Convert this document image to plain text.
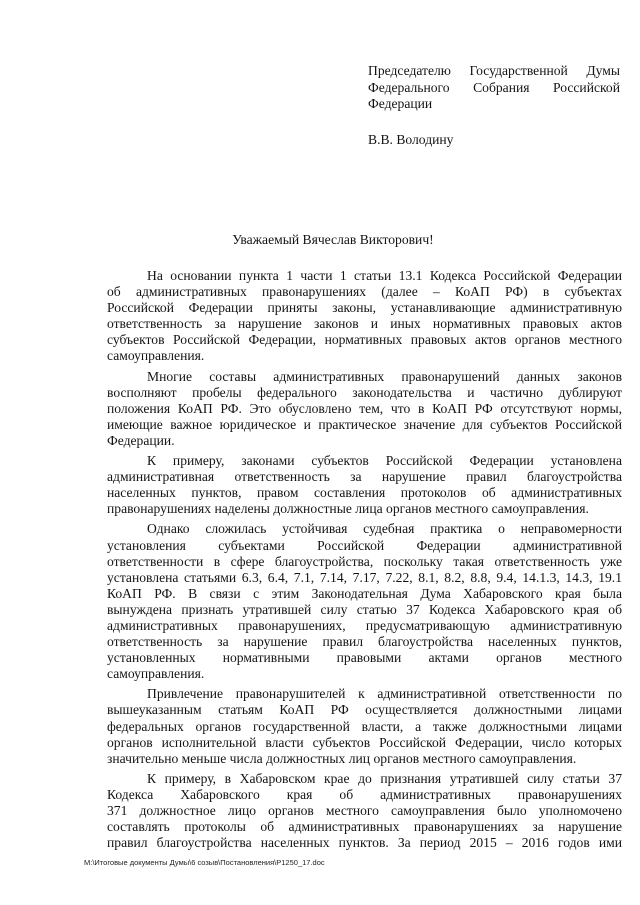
Председателю Государственной Думы
Федерального Собрания Российской
Федерации
В.В. Володину
Уважаемый Вячеслав Викторович!
На основании пункта 1 части 1 статьи 13.1 Кодекса Российской Федерации
об административных правонарушениях (далее – КоАП РФ) в субъектах
Российской Федерации приняты законы, устанавливающие административную
ответственность за нарушение законов и иных нормативных правовых актов
субъектов Российской Федерации, нормативных правовых актов органов местного
самоуправления.
Многие составы административных правонарушений данных законов
восполняют пробелы федерального законодательства и частично дублируют
положения КоАП РФ. Это обусловлено тем, что в КоАП РФ отсутствуют нормы,
имеющие важное юридическое и практическое значение для субъектов Российской
Федерации.
К примеру, законами субъектов Российской Федерации установлена
административная ответственность за нарушение правил благоустройства
населенных пунктов, правом составления протоколов об административных
правонарушениях наделены должностные лица органов местного самоуправления.
Однако сложилась устойчивая судебная практика о неправомерности
установления субъектами Российской Федерации административной
ответственности в сфере благоустройства, поскольку такая ответственность уже
установлена статьями 6.3, 6.4, 7.1, 7.14, 7.17, 7.22, 8.1, 8.2, 8.8, 9.4, 14.1.3, 14.3, 19.1
КоАП РФ. В связи с этим Законодательная Дума Хабаровского края была
вынуждена признать утратившей силу статью 37 Кодекса Хабаровского края об
административных правонарушениях, предусматривающую административную
ответственность за нарушение правил благоустройства населенных пунктов,
установленных нормативными правовыми актами органов местного
самоуправления.
Привлечение правонарушителей к административной ответственности по
вышеуказанным статьям КоАП РФ осуществляется должностными лицами
федеральных органов государственной власти, а также должностными лицами
органов исполнительной власти субъектов Российской Федерации, число которых
значительно меньше числа должностных лиц органов местного самоуправления.
К примеру, в Хабаровском крае до признания утратившей силу статьи 37
Кодекса Хабаровского края об административных правонарушениях
371 должностное лицо органов местного самоуправления было уполномочено
составлять протоколы об административных правонарушениях за нарушение
правил благоустройства населенных пунктов. За период 2015 – 2016 годов ими
М:\Итоговые документы Думы\6 созыв\Постановления\Р1250_17.doc
